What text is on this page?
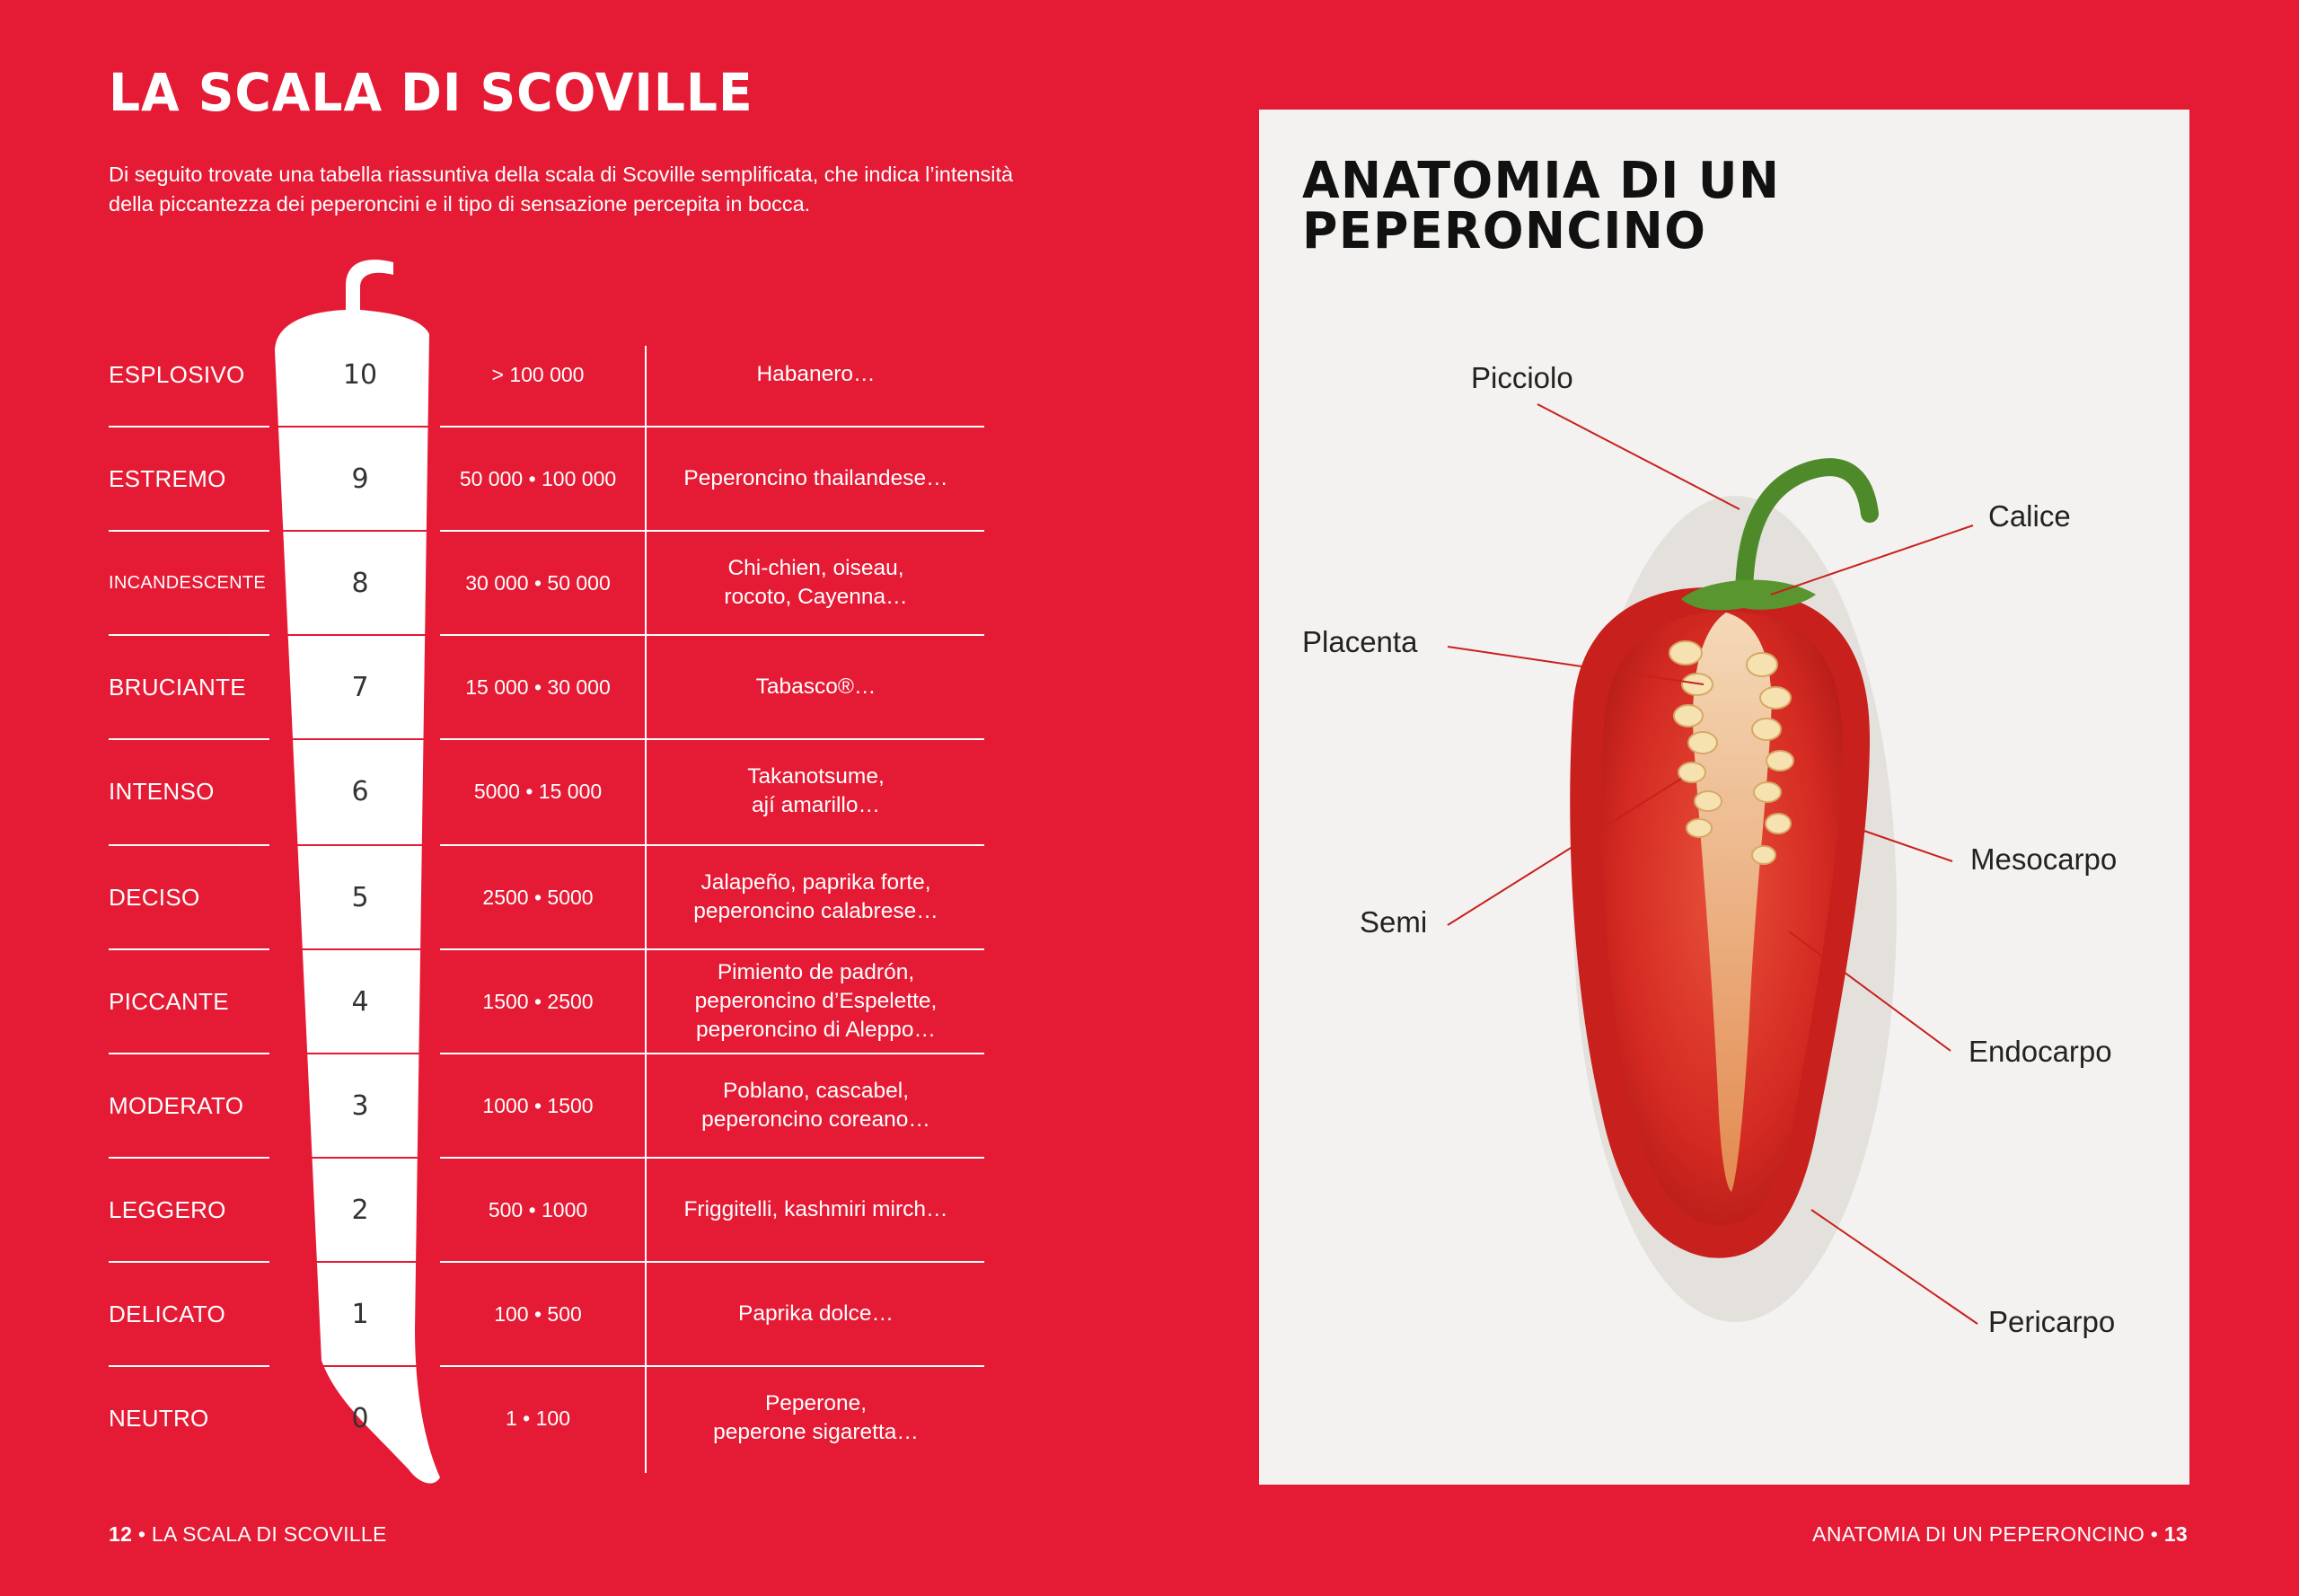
LA SCALA DI SCOVILLE

Di seguito trovate una tabella riassuntiva della scala di Scoville semplificata, che indica l’intensità della piccantezza dei peperoncini e il tipo di sensazione percepita in bocca.

ESPLOSIVO	10	> 100 000	Habanero…
ESTREMO	9	50 000 • 100 000	Peperoncino thailandese…
INCANDESCENTE	8	30 000 • 50 000
Chi-chien, oiseau,
rocoto, Cayenna…
BRUCIANTE	7	15 000 • 30 000	Tabasco®…
INTENSO	6	5000 • 15 000
Takanotsume,
ají amarillo…
DECISO	5	2500 • 5000
Jalapeño, paprika forte,
peperoncino calabrese…
PICCANTE	4	1500 • 2500
Pimiento de padrón,
peperoncino d’Espelette,
peperoncino di Aleppo…
MODERATO	3	1000 • 1500
Poblano, cascabel,
peperoncino coreano…
LEGGERO	2	500 • 1000	Friggitelli, kashmiri mirch…
DELICATO	1	100 • 500	Paprika dolce…
NEUTRO	0	1 • 100
Peperone,
peperone sigaretta…
12 • LA SCALA DI SCOVILLE
ANATOMIA DI UN PEPERONCINO
Picciolo
Calice
Placenta
Mesocarpo
Semi
Endocarpo
Pericarpo
ANATOMIA DI UN PEPERONCINO • 13
